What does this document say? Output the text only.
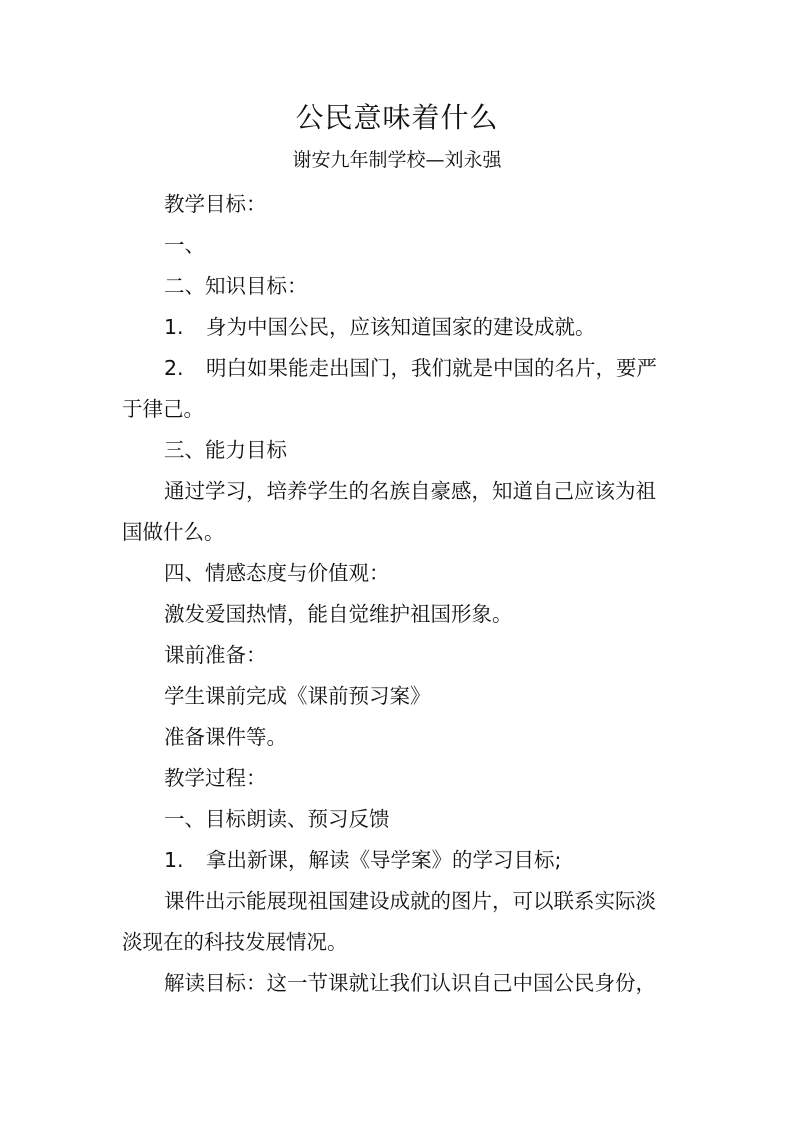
公民意味着什么
谢安九年制学校—刘永强
教学目标：
一、
二、知识目标：
1. 身为中国公民，应该知道国家的建设成就。
2. 明白如果能走出国门，我们就是中国的名片，要严
于律己。
三、能力目标
通过学习，培养学生的名族自豪感，知道自己应该为祖
国做什么。
四、情感态度与价值观：
激发爱国热情，能自觉维护祖国形象。
课前准备：
学生课前完成《课前预习案》
准备课件等。
教学过程：
一、目标朗读、预习反馈
1. 拿出新课，解读《导学案》的学习目标;
课件出示能展现祖国建设成就的图片，可以联系实际淡
淡现在的科技发展情况。
解读目标：这一节课就让我们认识自己中国公民身份，
